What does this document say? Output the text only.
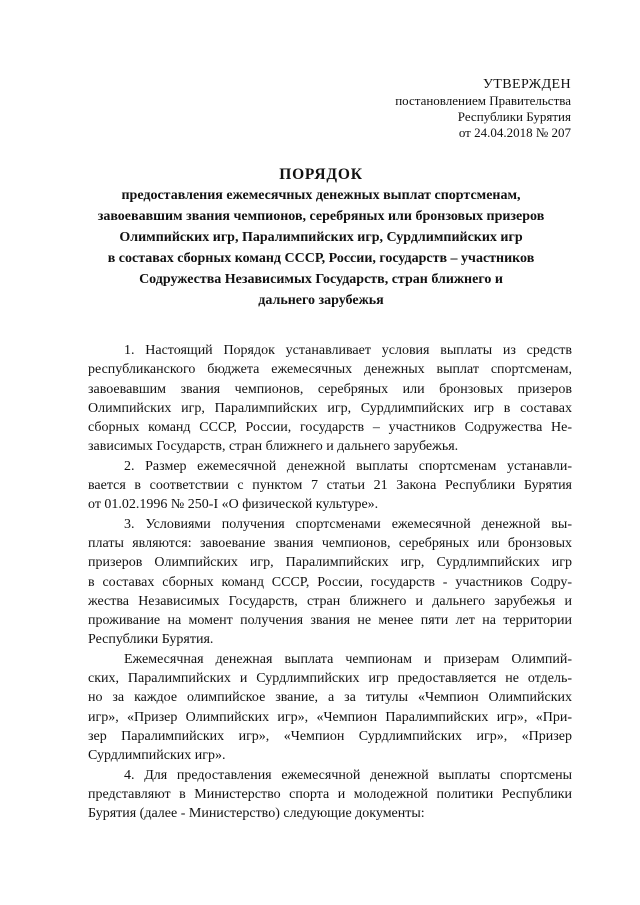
УТВЕРЖДЕН
постановлением Правительства
Республики Бурятия
от 24.04.2018 № 207
ПОРЯДОК
предоставления ежемесячных денежных выплат спортсменам,
завоевавшим звания чемпионов, серебряных или бронзовых призеров
Олимпийских игр, Паралимпийских игр, Сурдлимпийских игр
в составах сборных команд СССР, России, государств – участников
Содружества Независимых Государств, стран ближнего и
дальнего зарубежья
1. Настоящий Порядок устанавливает условия выплаты из средств
республиканского бюджета ежемесячных денежных выплат спортсменам,
завоевавшим звания чемпионов, серебряных или бронзовых призеров
Олимпийских игр, Паралимпийских игр, Сурдлимпийских игр в составах
сборных команд СССР, России, государств – участников Содружества Не-
зависимых Государств, стран ближнего и дальнего зарубежья.
2. Размер ежемесячной денежной выплаты спортсменам устанавли-
вается в соответствии с пунктом 7 статьи 21 Закона Республики Бурятия
от 01.02.1996 № 250-I «О физической культуре».
3. Условиями получения спортсменами ежемесячной денежной вы-
платы являются: завоевание звания чемпионов, серебряных или бронзовых
призеров Олимпийских игр, Паралимпийских игр, Сурдлимпийских игр
в составах сборных команд СССР, России, государств - участников Содру-
жества Независимых Государств, стран ближнего и дальнего зарубежья и
проживание на момент получения звания не менее пяти лет на территории
Республики Бурятия.
Ежемесячная денежная выплата чемпионам и призерам Олимпий-
ских, Паралимпийских и Сурдлимпийских игр предоставляется не отдель-
но за каждое олимпийское звание, а за титулы «Чемпион Олимпийских
игр», «Призер Олимпийских игр», «Чемпион Паралимпийских игр», «При-
зер Паралимпийских игр», «Чемпион Сурдлимпийских игр», «Призер
Сурдлимпийских игр».
4. Для предоставления ежемесячной денежной выплаты спортсмены
представляют в Министерство спорта и молодежной политики Республики
Бурятия (далее - Министерство) следующие документы:
